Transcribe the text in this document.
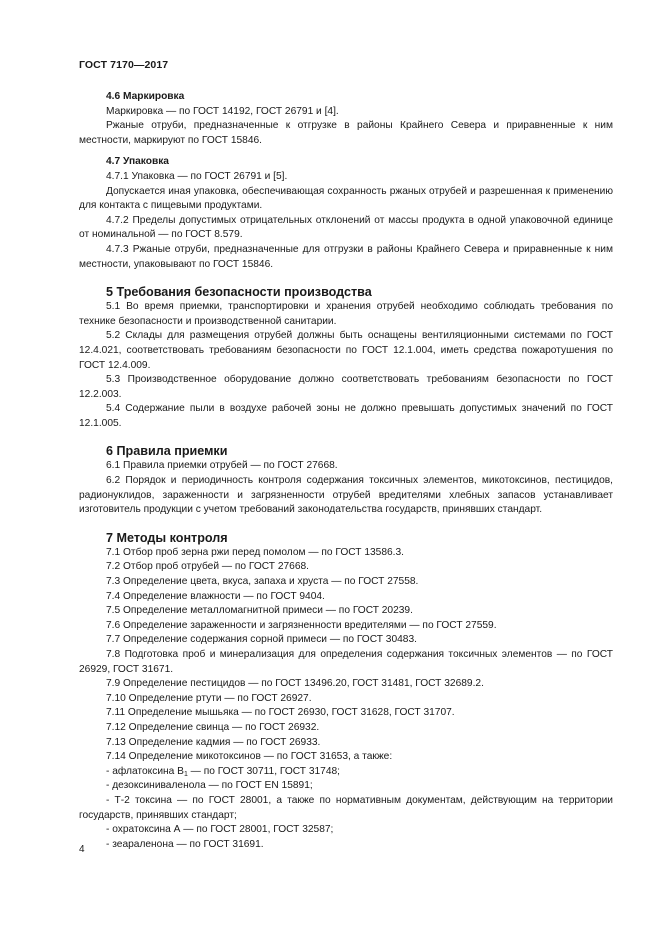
ГОСТ 7170—2017

4.6 Маркировка

Маркировка — по ГОСТ 14192, ГОСТ 26791 и [4].

Ржаные отруби, предназначенные к отгрузке в районы Крайнего Севера и приравненные к ним местности, маркируют по ГОСТ 15846.

4.7 Упаковка

4.7.1 Упаковка — по ГОСТ 26791 и [5].

Допускается иная упаковка, обеспечивающая сохранность ржаных отрубей и разрешенная к применению для контакта с пищевыми продуктами.

4.7.2 Пределы допустимых отрицательных отклонений от массы продукта в одной упаковочной единице от номинальной — по ГОСТ 8.579.

4.7.3 Ржаные отруби, предназначенные для отгрузки в районы Крайнего Севера и приравненные к ним местности, упаковывают по ГОСТ 15846.

5 Требования безопасности производства

5.1 Во время приемки, транспортировки и хранения отрубей необходимо соблюдать требования по технике безопасности и производственной санитарии.

5.2 Склады для размещения отрубей должны быть оснащены вентиляционными системами по ГОСТ 12.4.021, соответствовать требованиям безопасности по ГОСТ 12.1.004, иметь средства пожаротушения по ГОСТ 12.4.009.

5.3 Производственное оборудование должно соответствовать требованиям безопасности по ГОСТ 12.2.003.

5.4 Содержание пыли в воздухе рабочей зоны не должно превышать допустимых значений по ГОСТ 12.1.005.

6 Правила приемки

6.1 Правила приемки отрубей — по ГОСТ 27668.

6.2 Порядок и периодичность контроля содержания токсичных элементов, микотоксинов, пестицидов, радионуклидов, зараженности и загрязненности отрубей вредителями хлебных запасов устанавливает изготовитель продукции с учетом требований законодательства государств, принявших стандарт.

7 Методы контроля

7.1 Отбор проб зерна ржи перед помолом — по ГОСТ 13586.3.

7.2 Отбор проб отрубей — по ГОСТ 27668.

7.3 Определение цвета, вкуса, запаха и хруста — по ГОСТ 27558.

7.4 Определение влажности — по ГОСТ 9404.

7.5 Определение металломагнитной примеси — по ГОСТ 20239.

7.6 Определение зараженности и загрязненности вредителями — по ГОСТ 27559.

7.7 Определение содержания сорной примеси — по ГОСТ 30483.

7.8 Подготовка проб и минерализация для определения содержания токсичных элементов — по ГОСТ 26929, ГОСТ 31671.

7.9 Определение пестицидов — по ГОСТ 13496.20, ГОСТ 31481, ГОСТ 32689.2.

7.10 Определение ртути — по ГОСТ 26927.

7.11 Определение мышьяка — по ГОСТ 26930, ГОСТ 31628, ГОСТ 31707.

7.12 Определение свинца — по ГОСТ 26932.

7.13 Определение кадмия — по ГОСТ 26933.

7.14 Определение микотоксинов — по ГОСТ 31653, а также:

- афлатоксина $B_1$ — по ГОСТ 30711, ГОСТ 31748;

- дезоксиниваленола — по ГОСТ EN 15891;

- Т-2 токсина — по ГОСТ 28001, а также по нормативным документам, действующим на территории государств, принявших стандарт;

- охратоксина А — по ГОСТ 28001, ГОСТ 32587;

- зеараленона — по ГОСТ 31691.

4
